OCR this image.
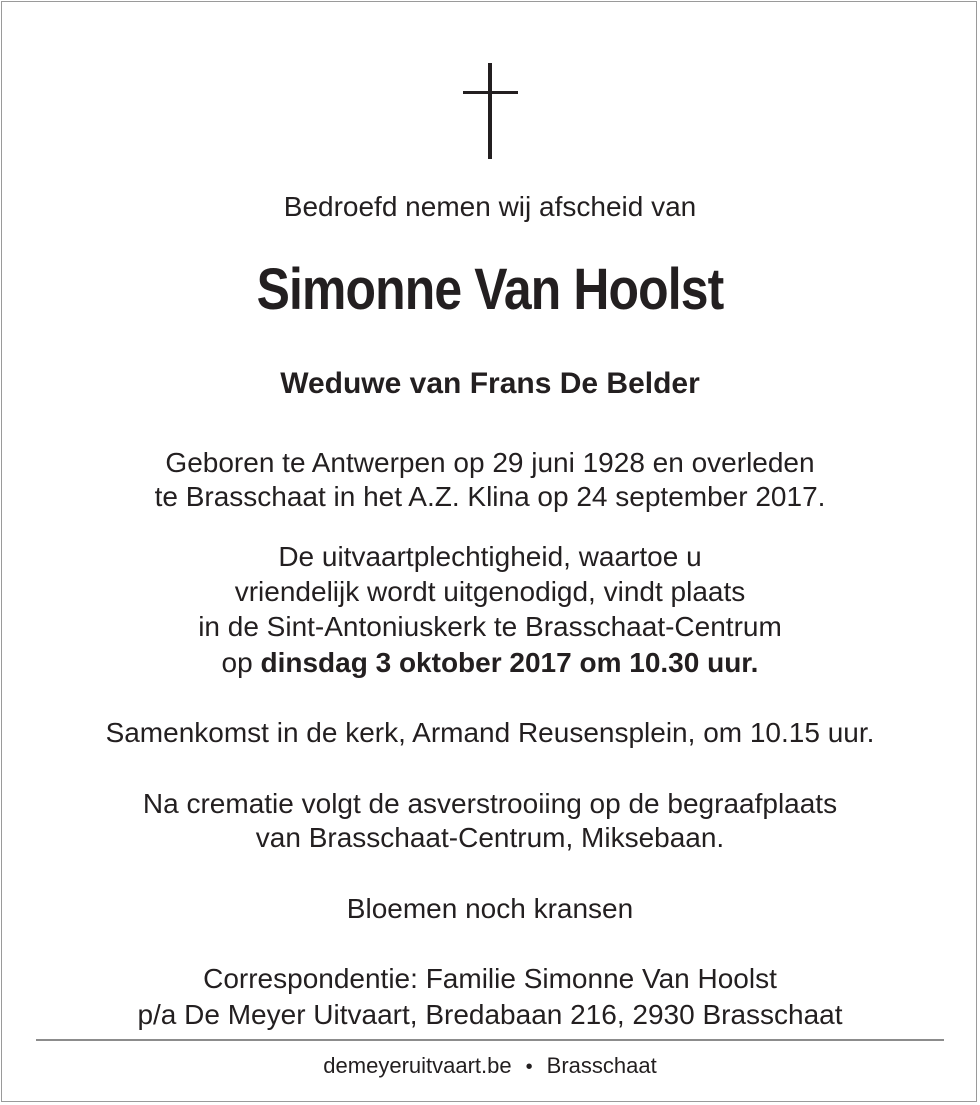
Bedroefd nemen wij afscheid van
Simonne Van Hoolst
Weduwe van Frans De Belder
Geboren te Antwerpen op 29 juni 1928 en overleden
te Brasschaat in het A.Z. Klina op 24 september 2017.
De uitvaartplechtigheid, waartoe u
vriendelijk wordt uitgenodigd, vindt plaats
in de Sint-Antoniuskerk te Brasschaat-Centrum
op dinsdag 3 oktober 2017 om 10.30 uur.
Samenkomst in de kerk, Armand Reusensplein, om 10.15 uur.
Na crematie volgt de asverstrooiing op de begraafplaats
van Brasschaat-Centrum, Miksebaan.
Bloemen noch kransen
Correspondentie: Familie Simonne Van Hoolst
p/a De Meyer Uitvaart, Bredabaan 216, 2930 Brasschaat
demeyeruitvaart.be • Brasschaat
